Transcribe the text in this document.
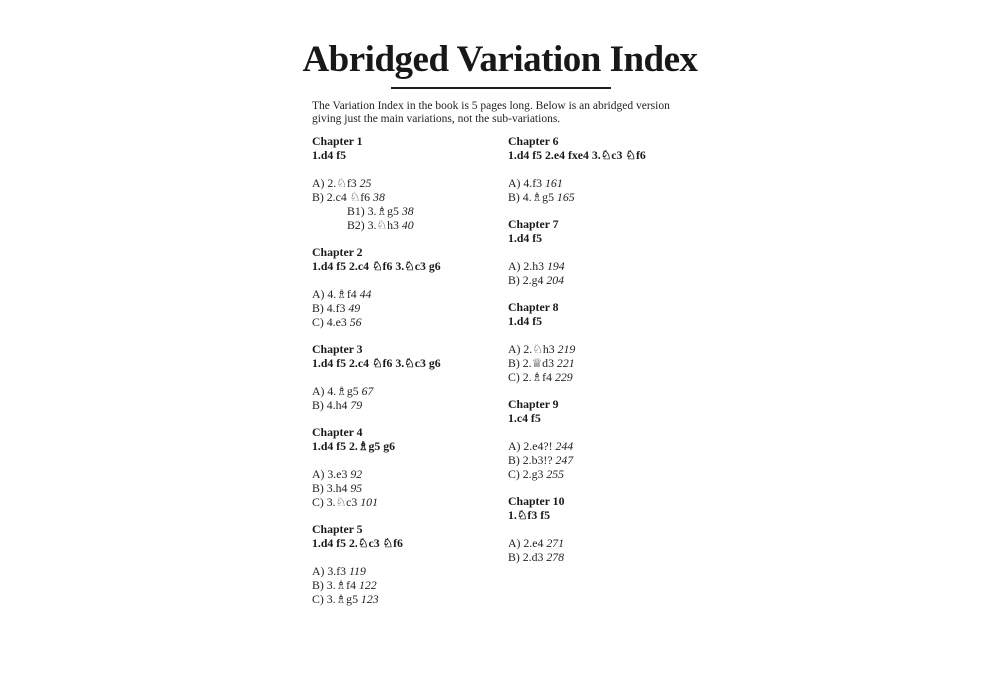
Abridged Variation Index
The Variation Index in the book is 5 pages long. Below is an abridged version giving just the main variations, not the sub-variations.
Chapter 1
1.d4 f5
A) 2.♘f3 25
B) 2.c4 ♘f6 38
B1) 3.♗g5 38
B2) 3.♘h3 40
Chapter 2
1.d4 f5 2.c4 ♘f6 3.♘c3 g6
A) 4.♗f4 44
B) 4.f3 49
C) 4.e3 56
Chapter 3
1.d4 f5 2.c4 ♘f6 3.♘c3 g6
A) 4.♗g5 67
B) 4.h4 79
Chapter 4
1.d4 f5 2.♗g5 g6
A) 3.e3 92
B) 3.h4 95
C) 3.♘c3 101
Chapter 5
1.d4 f5 2.♘c3 ♘f6
A) 3.f3 119
B) 3.♗f4 122
C) 3.♗g5 123
Chapter 6
1.d4 f5 2.e4 fxe4 3.♘c3 ♘f6
A) 4.f3 161
B) 4.♗g5 165
Chapter 7
1.d4 f5
A) 2.h3 194
B) 2.g4 204
Chapter 8
1.d4 f5
A) 2.♘h3 219
B) 2.♕d3 221
C) 2.♗f4 229
Chapter 9
1.c4 f5
A) 2.e4?! 244
B) 2.b3!? 247
C) 2.g3 255
Chapter 10
1.♘f3 f5
A) 2.e4 271
B) 2.d3 278
